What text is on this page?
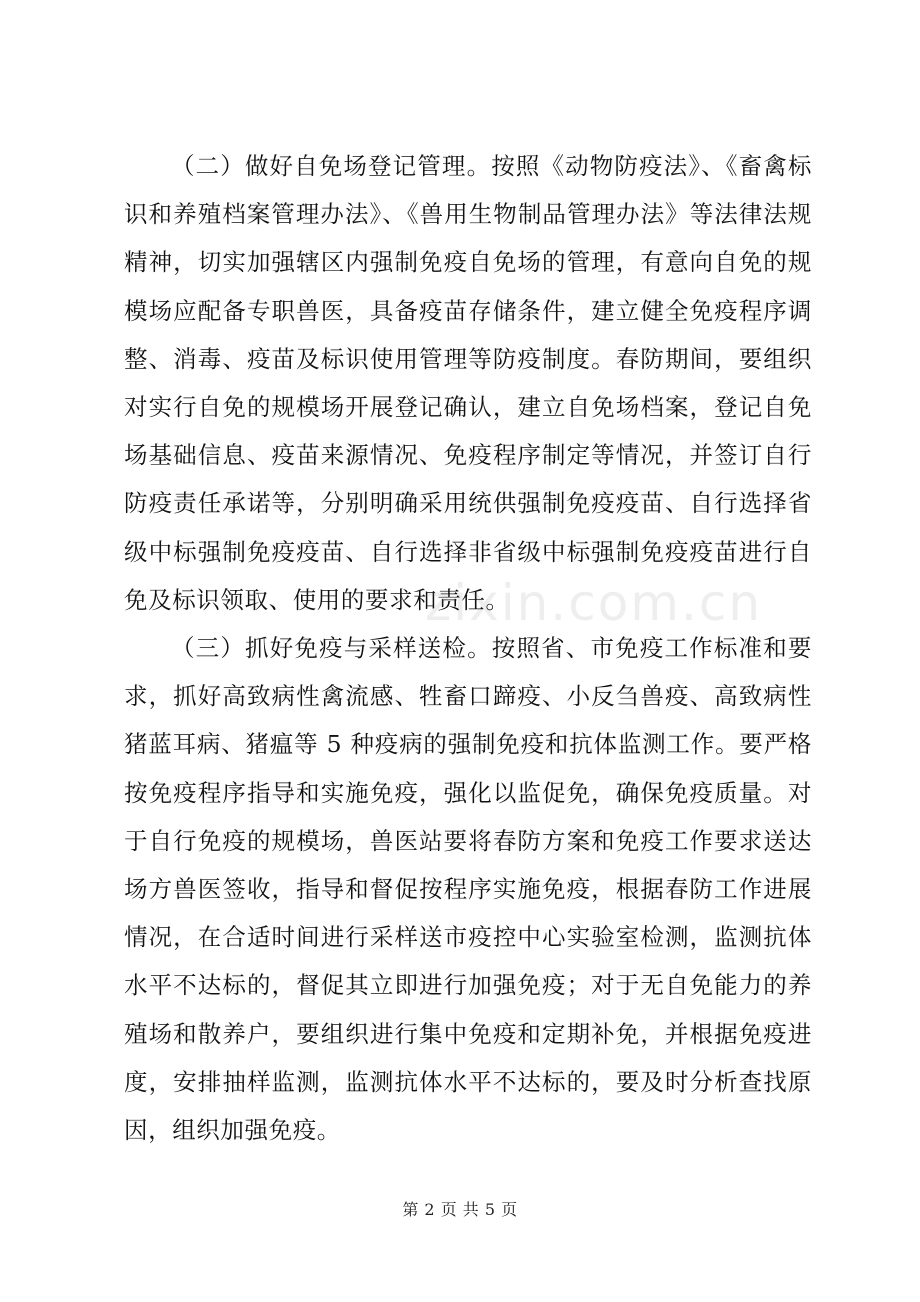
（二）做好自免场登记管理。按照《动物防疫法》、《畜禽标识和养殖档案管理办法》、《兽用生物制品管理办法》等法律法规精神，切实加强辖区内强制免疫自免场的管理，有意向自免的规模场应配备专职兽医，具备疫苗存储条件，建立健全免疫程序调整、消毒、疫苗及标识使用管理等防疫制度。春防期间，要组织对实行自免的规模场开展登记确认，建立自免场档案，登记自免场基础信息、疫苗来源情况、免疫程序制定等情况，并签订自行防疫责任承诺等，分别明确采用统供强制免疫疫苗、自行选择省级中标强制免疫疫苗、自行选择非省级中标强制免疫疫苗进行自免及标识领取、使用的要求和责任。

（三）抓好免疫与采样送检。按照省、市免疫工作标准和要求，抓好高致病性禽流感、牲畜口蹄疫、小反刍兽疫、高致病性猪蓝耳病、猪瘟等 5 种疫病的强制免疫和抗体监测工作。要严格按免疫程序指导和实施免疫，强化以监促免，确保免疫质量。对于自行免疫的规模场，兽医站要将春防方案和免疫工作要求送达场方兽医签收，指导和督促按程序实施免疫，根据春防工作进展情况，在合适时间进行采样送市疫控中心实验室检测，监测抗体水平不达标的，督促其立即进行加强免疫；对于无自免能力的养殖场和散养户，要组织进行集中免疫和定期补免，并根据免疫进度，安排抽样监测，监测抗体水平不达标的，要及时分析查找原因，组织加强免疫。

zixin.com.cn
第 2 页 共 5 页
